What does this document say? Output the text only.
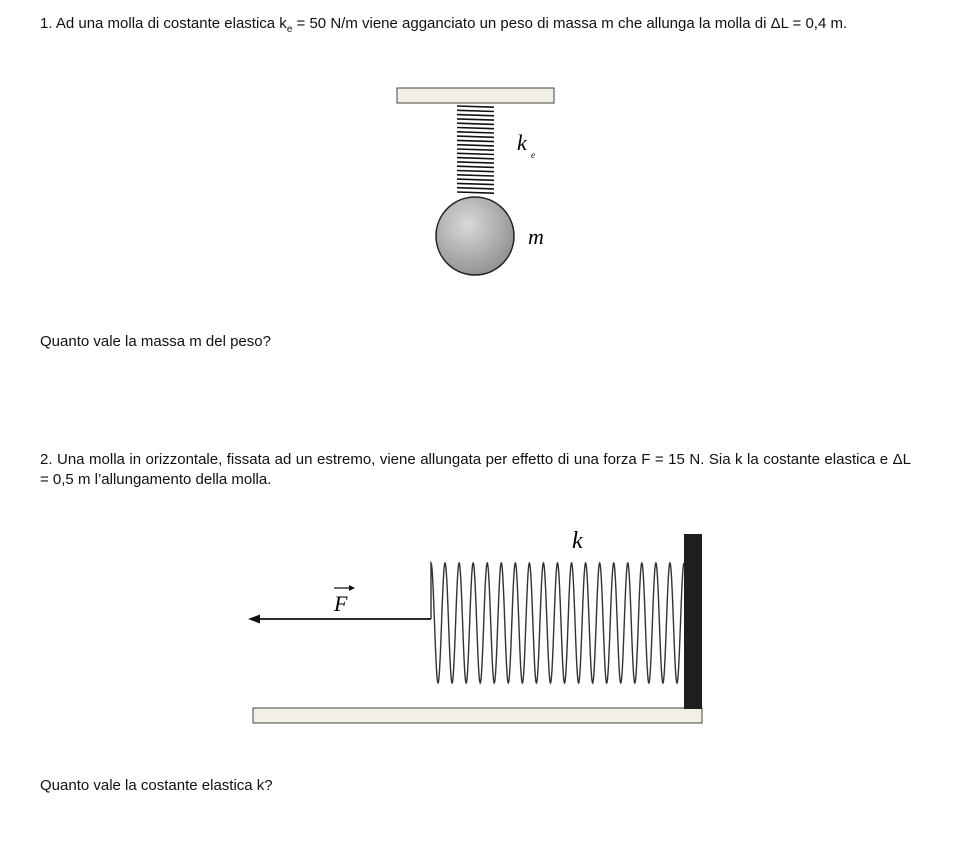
1. Ad una molla di costante elastica $k_e = 50$ N/m viene agganciato un peso di massa m che allunga la molla di ΔL = 0,4 m.

k e
m

Quanto vale la massa m del peso?

2. Una molla in orizzontale, fissata ad un estremo, viene allungata per effetto di una forza F = 15 N. Sia k la costante elastica e ΔL = 0,5 m l’allungamento della molla.

F
k

Quanto vale la costante elastica k?
